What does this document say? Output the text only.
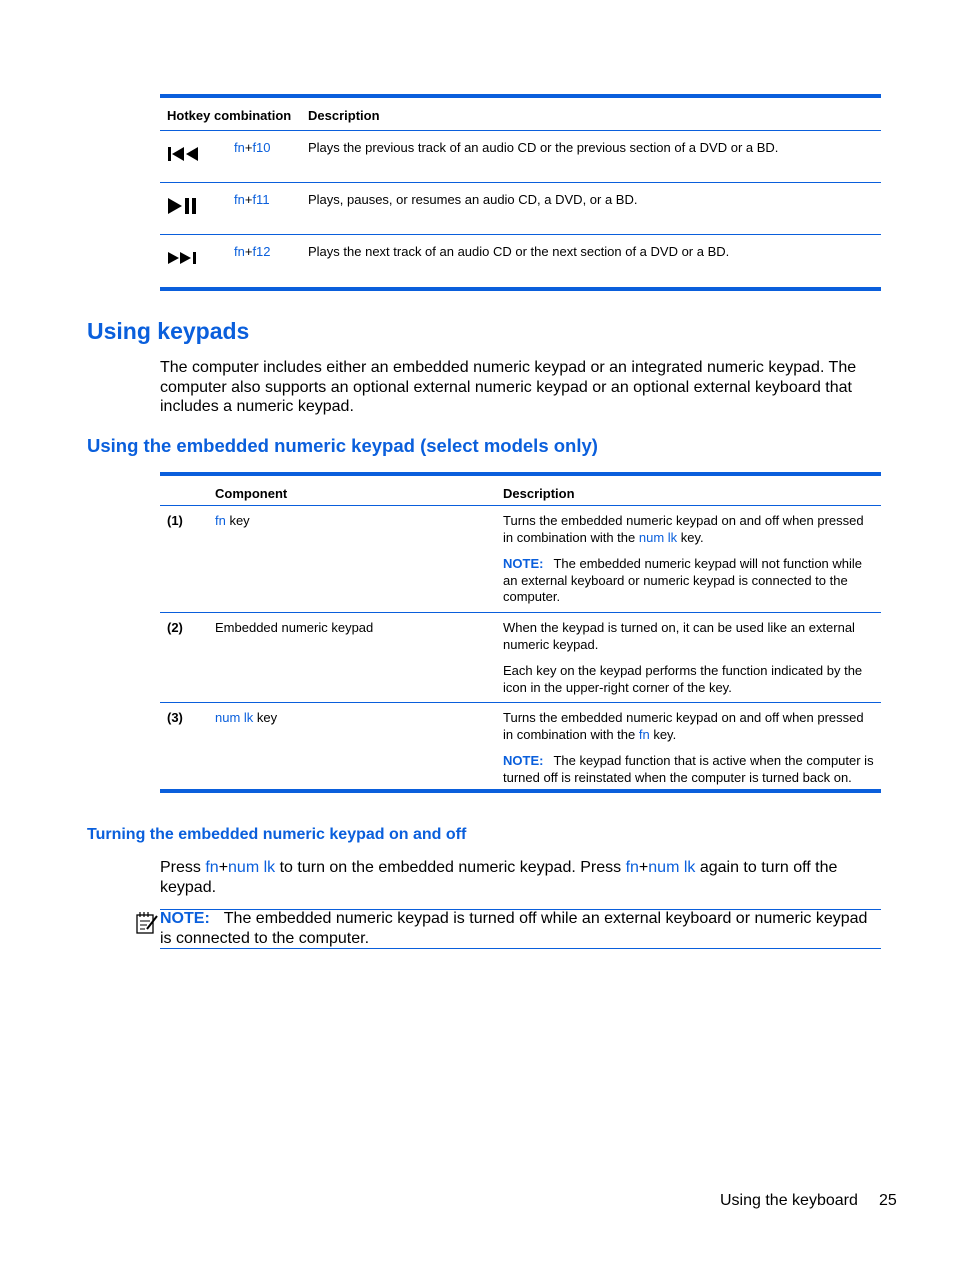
Hotkey combination Description
fn+f10	Plays the previous track of an audio CD or the previous section of a DVD or a BD.
fn+f11	Plays, pauses, or resumes an audio CD, a DVD, or a BD.
fn+f12	Plays the next track of an audio CD or the next section of a DVD or a BD.
Using keypads

The computer includes either an embedded numeric keypad or an integrated numeric keypad. The computer also supports an optional external numeric keypad or an optional external keyboard that includes a numeric keypad.

Using the embedded numeric keypad (select models only)
Component	Description
(1) fn key	Turns the embedded numeric keypad on and off when pressed in combination with the num lk key.

NOTE: The embedded numeric keypad will not function while an external keyboard or numeric keypad is connected to the computer.

(2) Embedded numeric keypad	When the keypad is turned on, it can be used like an external numeric keypad.

Each key on the keypad performs the function indicated by the icon in the upper-right corner of the key.

(3) num lk key	Turns the embedded numeric keypad on and off when pressed in combination with the fn key.

NOTE: The keypad function that is active when the computer is turned off is reinstated when the computer is turned back on.

Turning the embedded numeric keypad on and off

Press fn+num lk to turn on the embedded numeric keypad. Press fn+num lk again to turn off the keypad.

NOTE: The embedded numeric keypad is turned off while an external keyboard or numeric keypad is connected to the computer.
Using the keyboard 25
